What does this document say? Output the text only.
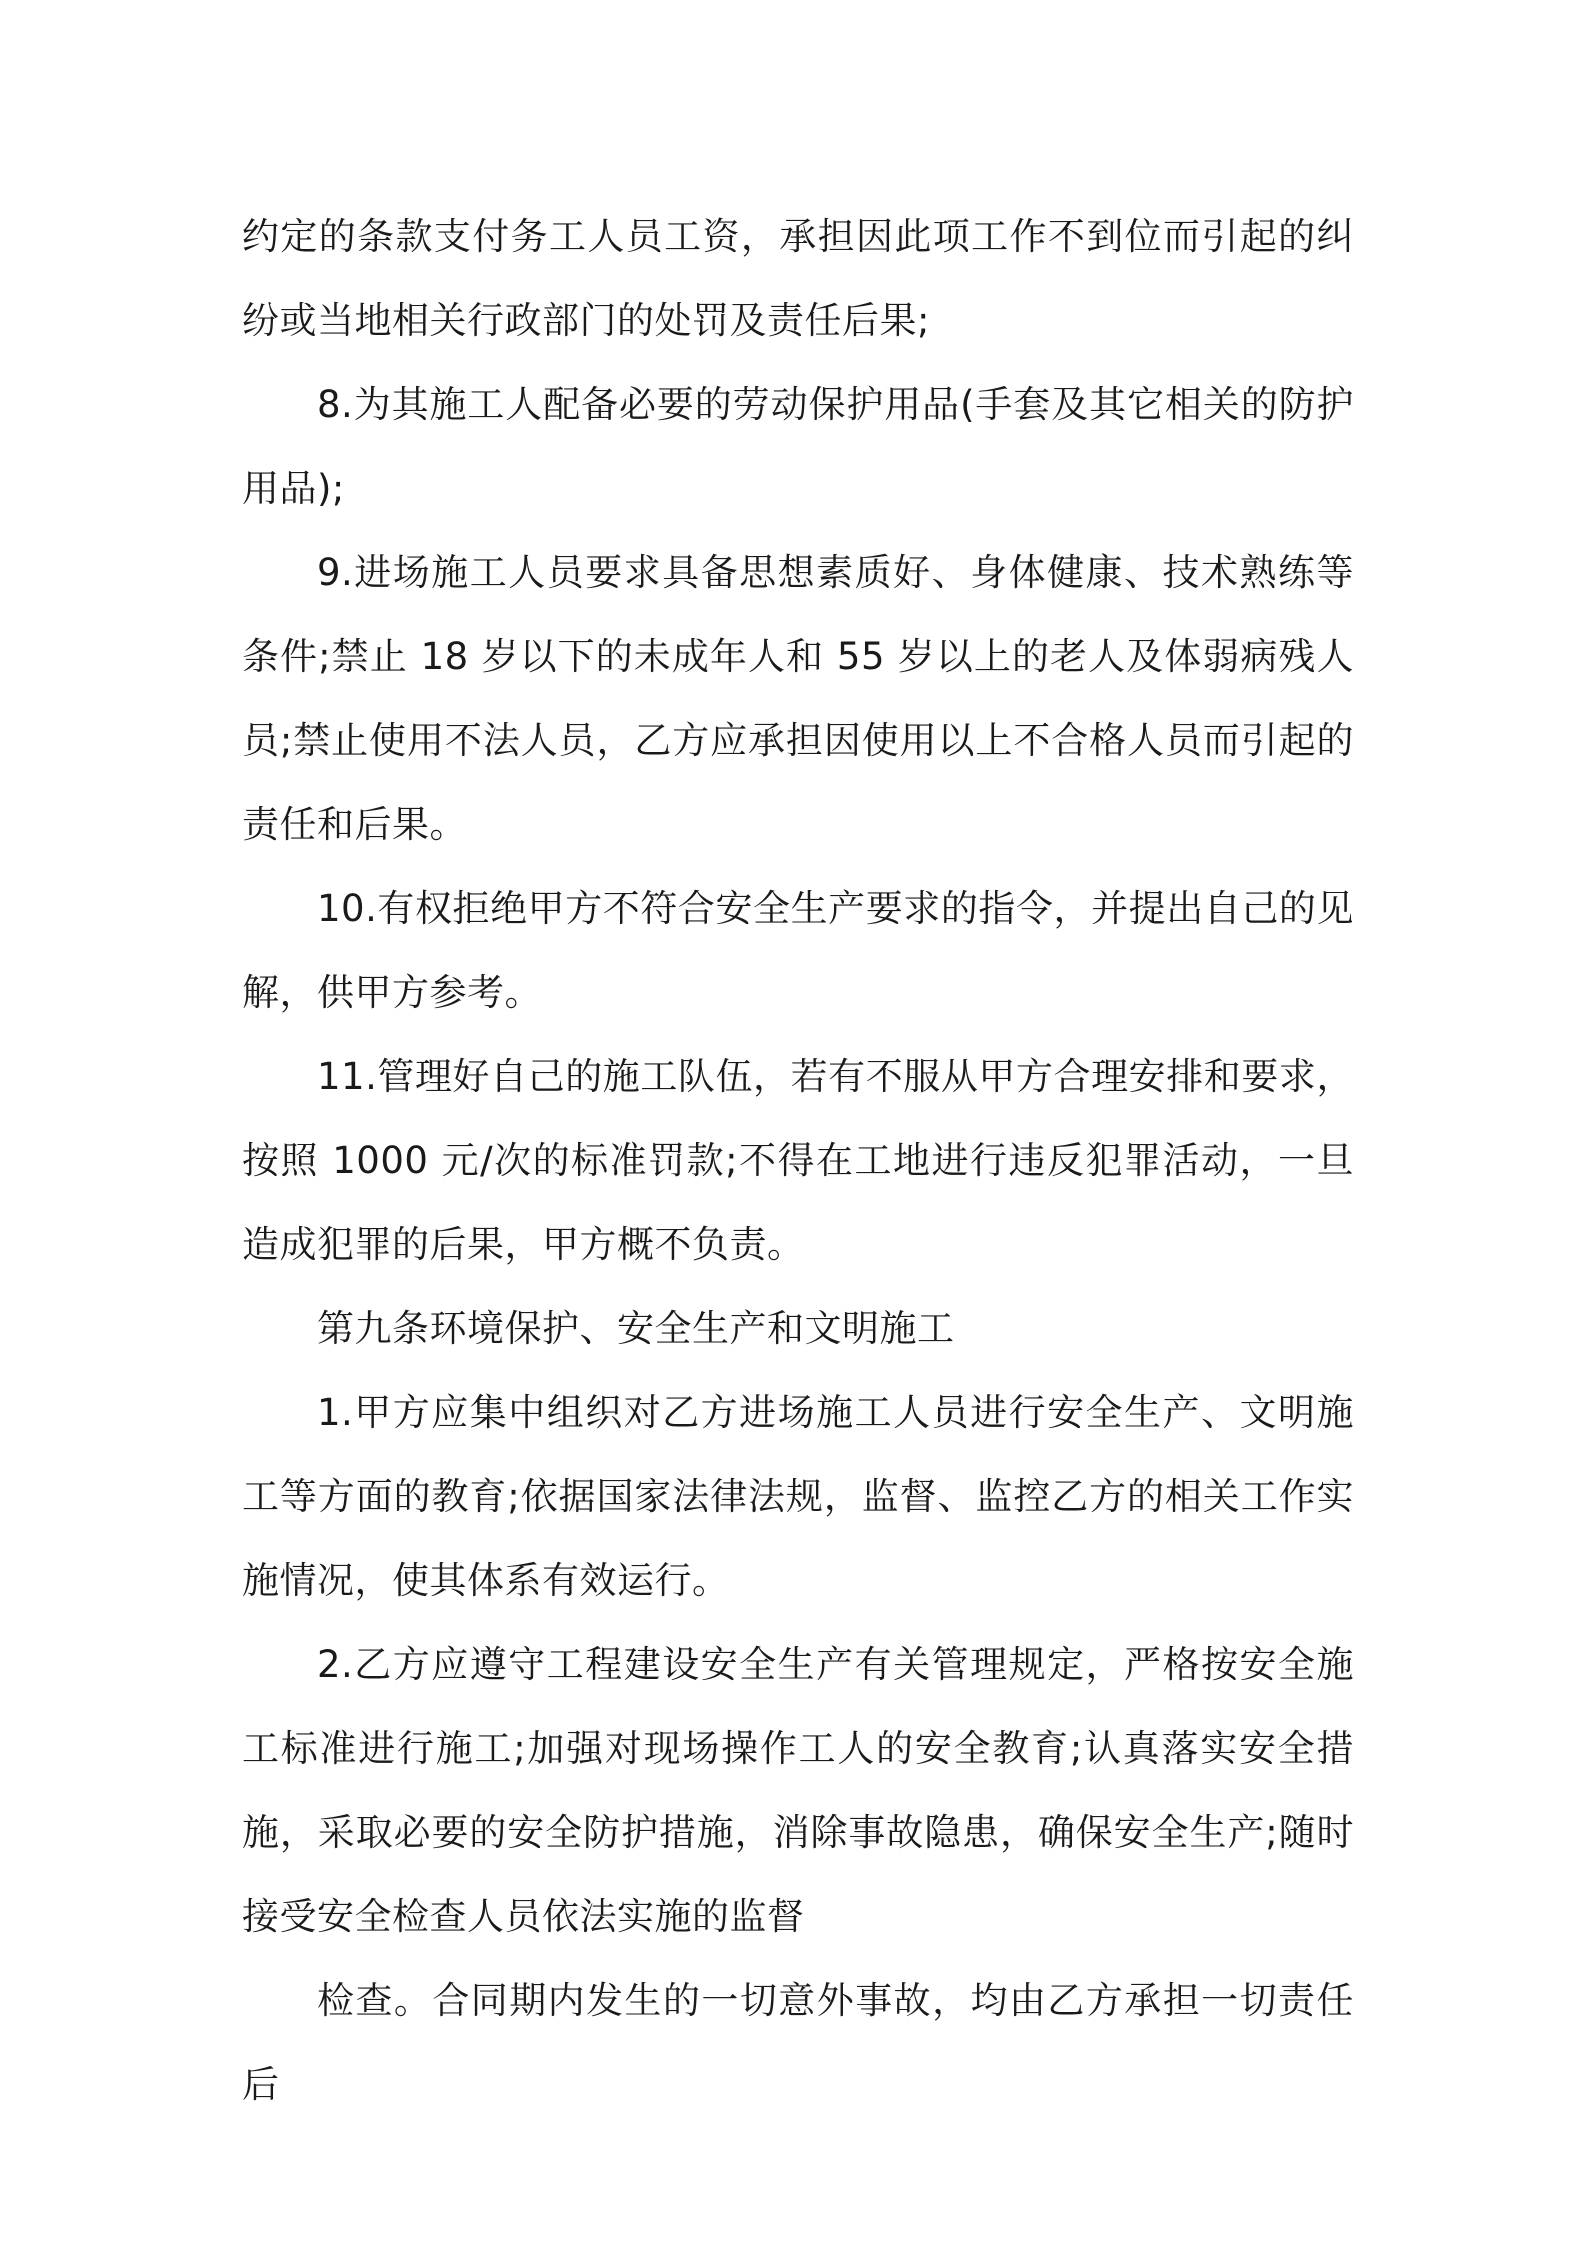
约定的条款支付务工人员工资，承担因此项工作不到位而引起的纠纷或当地相关行政部门的处罚及责任后果;

8.为其施工人配备必要的劳动保护用品(手套及其它相关的防护用品);

9.进场施工人员要求具备思想素质好、身体健康、技术熟练等条件;禁止 18 岁以下的未成年人和 55 岁以上的老人及体弱病残人员;禁止使用不法人员，乙方应承担因使用以上不合格人员而引起的责任和后果。

10.有权拒绝甲方不符合安全生产要求的指令，并提出自己的见解，供甲方参考。

11.管理好自己的施工队伍，若有不服从甲方合理安排和要求，按照 1000 元/次的标准罚款;不得在工地进行违反犯罪活动，一旦造成犯罪的后果，甲方概不负责。

第九条环境保护、安全生产和文明施工

1.甲方应集中组织对乙方进场施工人员进行安全生产、文明施工等方面的教育;依据国家法律法规，监督、监控乙方的相关工作实施情况，使其体系有效运行。

2.乙方应遵守工程建设安全生产有关管理规定，严格按安全施工标准进行施工;加强对现场操作工人的安全教育;认真落实安全措施，采取必要的安全防护措施，消除事故隐患，确保安全生产;随时接受安全检查人员依法实施的监督

检查。合同期内发生的一切意外事故，均由乙方承担一切责任后
